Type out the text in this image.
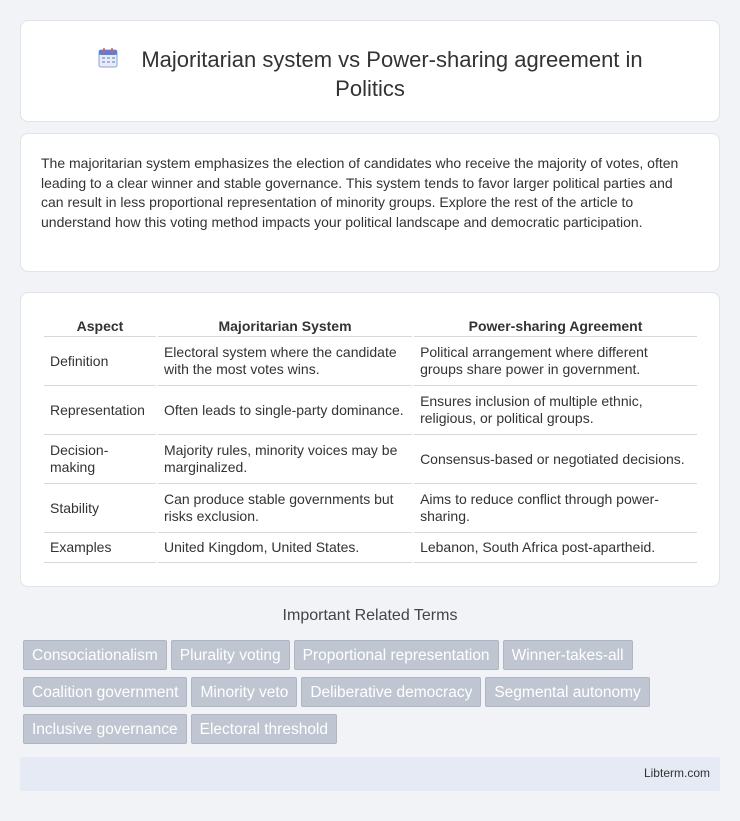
Majoritarian system vs Power-sharing agreement in Politics

The majoritarian system emphasizes the election of candidates who receive the majority of votes, often leading to a clear winner and stable governance. This system tends to favor larger political parties and can result in less proportional representation of minority groups. Explore the rest of the article to understand how this voting method impacts your political landscape and democratic participation.

Aspect	Majoritarian System	Power-sharing Agreement
Definition	Electoral system where the candidate with the most votes wins.	Political arrangement where different groups share power in government.
Representation	Often leads to single-party dominance.	Ensures inclusion of multiple ethnic, religious, or political groups.
Decision-making	Majority rules, minority voices may be marginalized.	Consensus-based or negotiated decisions.
Stability	Can produce stable governments but risks exclusion.	Aims to reduce conflict through power-sharing.
Examples	United Kingdom, United States.	Lebanon, South Africa post-apartheid.
Important Related Terms
Consociationalism Plurality voting Proportional representation Winner-takes-all
Coalition government Minority veto Deliberative democracy Segmental autonomy
Inclusive governance Electoral threshold
Libterm.com
